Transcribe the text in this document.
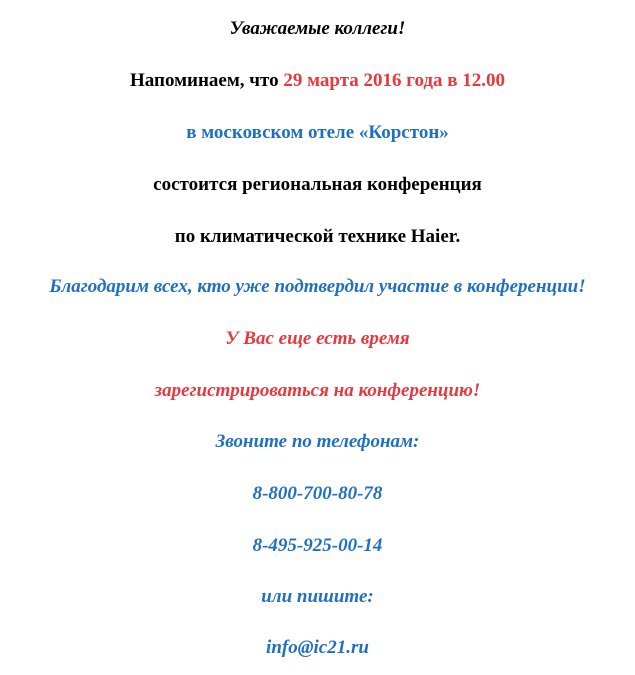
Уважаемые коллеги!
Напоминаем, что 29 марта 2016 года в 12.00
в московском отеле «Корстон»
состоится региональная конференция
по климатической технике Haier.
Благодарим всех, кто уже подтвердил участие в конференции!
У Вас еще есть время
зарегистрироваться на конференцию!
Звоните по телефонам:
8-800-700-80-78
8-495-925-00-14
или пишите:
info@ic21.ru
